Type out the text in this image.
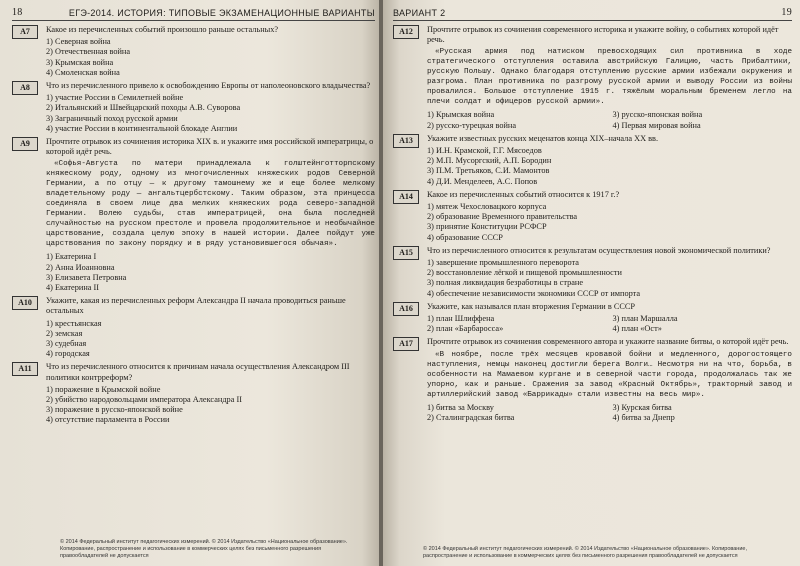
18	ЕГЭ-2014. ИСТОРИЯ: ТИПОВЫЕ ЭКЗАМЕНАЦИОННЫЕ ВАРИАНТЫ
A7	Какое из перечисленных событий произошло раньше остальных?

1) Северная война

2) Отечественная война

3) Крымская война

4) Смоленская война

A8	Что из перечисленного привело к освобождению Европы от наполеоновского владычества?

1) участие России в Семилетней войне

2) Итальянский и Швейцарский походы А.В. Суворова

3) Заграничный поход русской армии

4) участие России в континентальной блокаде Англии

A9	Прочтите отрывок из сочинения историка XIX в. и укажите имя российской императрицы, о которой идёт речь.

«Софья-Августа по матери принадлежала к голштейнготторпскому княжескому роду, одному из многочисленных княжеских родов Северной Германии, а по отцу — к другому тамошнему же и еще более мелкому владетельному роду — ангальтцербстскому. Таким образом, эта принцесса соединяла в своем лице два мелких княжеских рода северо-западной Германии. Волею судьбы, став императрицей, она была последней случайностью на русском престоле и провела продолжительное и необычайное царствование, создала целую эпоху в нашей истории. Далее пойдут уже царствования по закону порядку и в ряду установившегося обычая».

1) Екатерина I

2) Анна Иоанновна

3) Елизавета Петровна

4) Екатерина II

A10	Укажите, какая из перечисленных реформ Александра II начала проводиться раньше остальных

1) крестьянская

2) земская

3) судебная

4) городская

A11	Что из перечисленного относится к причинам начала осуществления Александром III политики контрреформ?

1) поражение в Крымской войне

2) убийство народовольцами императора Александра II

3) поражение в русско-японской войне

4) отсутствие парламента в России

© 2014 Федеральный институт педагогических измерений. © 2014 Издательство «Национальное образование». Копирование, распространение и использование в коммерческих целях без письменного разрешения правообладателей не допускается
ВАРИАНТ 2	19
A12	Прочтите отрывок из сочинения современного историка и укажите войну, о событиях которой идёт речь.

«Русская армия под натиском превосходящих сил противника в ходе стратегического отступления оставила австрийскую Галицию, часть Прибалтики, русскую Польшу. Однако благодаря отступлению русские армии избежали окружения и разгрома. План противника по разгрому русской армии и выводу России из войны провалился. Большое отступление 1915 г. тяжёлым моральным бременем легло на плечи солдат и офицеров русской армии».

1) Крымская война	3) русско-японская война

2) русско-турецкая война	4) Первая мировая война

A13	Укажите известных русских меценатов конца XIX–начала XX вв.

1) И.Н. Крамской, Г.Г. Мясоедов

2) М.П. Мусоргский, А.П. Бородин

3) П.М. Третьяков, С.И. Мамонтов

4) Д.И. Менделеев, А.С. Попов

A14	Какое из перечисленных событий относится к 1917 г.?

1) мятеж Чехословацкого корпуса

2) образование Временного правительства

3) принятие Конституции РСФСР

4) образование СССР

A15	Что из перечисленного относится к результатам осуществления новой экономической политики?

1) завершение промышленного переворота

2) восстановление лёгкой и пищевой промышленности

3) полная ликвидация безработицы в стране

4) обеспечение независимости экономики СССР от импорта

A16	Укажите, как назывался план вторжения Германии в СССР

1) план Шлиффена	3) план Маршалла

2) план «Барбаросса»	4) план «Ост»

A17	Прочтите отрывок из сочинения современного автора и укажите название битвы, о которой идёт речь.

«В ноябре, после трёх месяцев кровавой бойни и медленного, дорогостоящего наступления, немцы наконец достигли берега Волги… Несмотря ни на что, борьба, в особенности на Мамаевом кургане и в северной части города, продолжалась так же упорно, как и раньше. Сражения за завод «Красный Октябрь», тракторный завод и артиллерийский завод «Баррикады» стали известны на весь мир».

1) битва за Москву	3) Курская битва

2) Сталинградская битва	4) битва за Днепр

© 2014 Федеральный институт педагогических измерений. © 2014 Издательство «Национальное образование». Копирование, распространение и использование в коммерческих целях без письменного разрешения правообладателей не допускается
